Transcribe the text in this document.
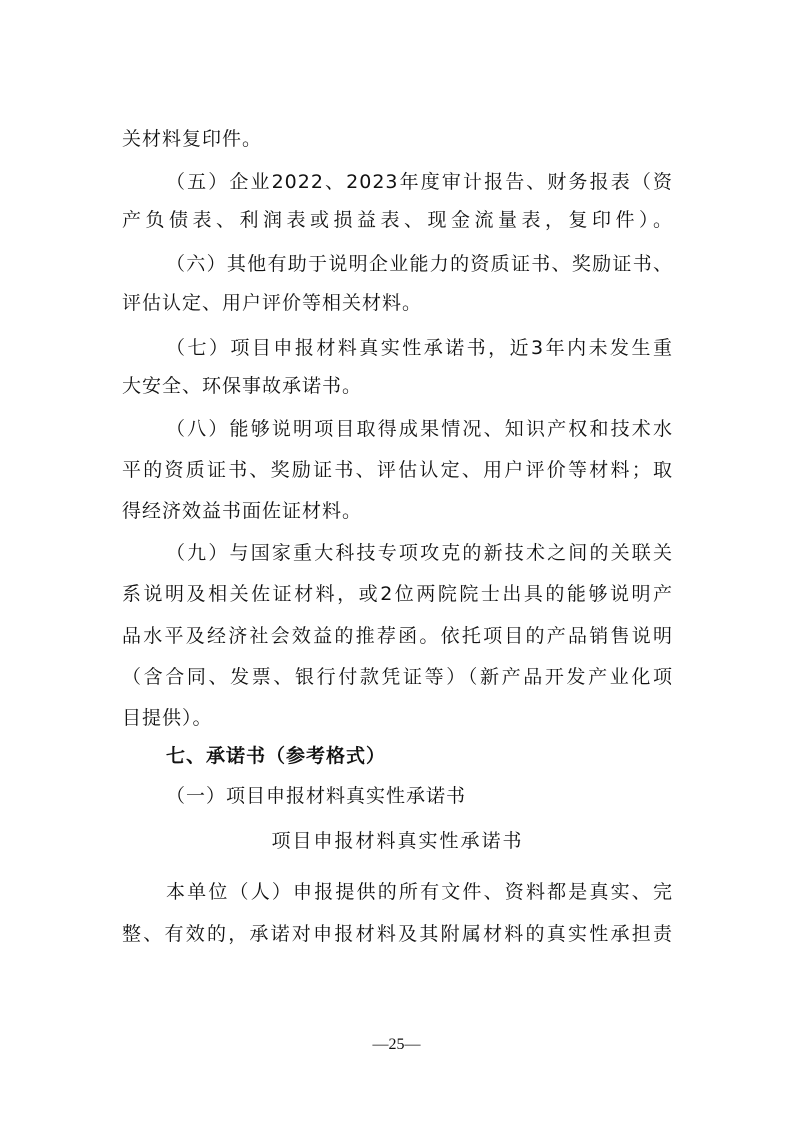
关材料复印件。

（五）企业2022、2023年度审计报告、财务报表（资

产负债表、利润表或损益表、现金流量表，复印件）。

（六）其他有助于说明企业能力的资质证书、奖励证书、

评估认定、用户评价等相关材料。

（七）项目申报材料真实性承诺书，近3年内未发生重

大安全、环保事故承诺书。

（八）能够说明项目取得成果情况、知识产权和技术水

平的资质证书、奖励证书、评估认定、用户评价等材料；取

得经济效益书面佐证材料。

（九）与国家重大科技专项攻克的新技术之间的关联关

系说明及相关佐证材料，或2位两院院士出具的能够说明产

品水平及经济社会效益的推荐函。依托项目的产品销售说明

（含合同、发票、银行付款凭证等）（新产品开发产业化项

目提供）。

七、承诺书（参考格式）

（一）项目申报材料真实性承诺书

项目申报材料真实性承诺书

本单位（人）申报提供的所有文件、资料都是真实、完

整、有效的，承诺对申报材料及其附属材料的真实性承担责

—25—
